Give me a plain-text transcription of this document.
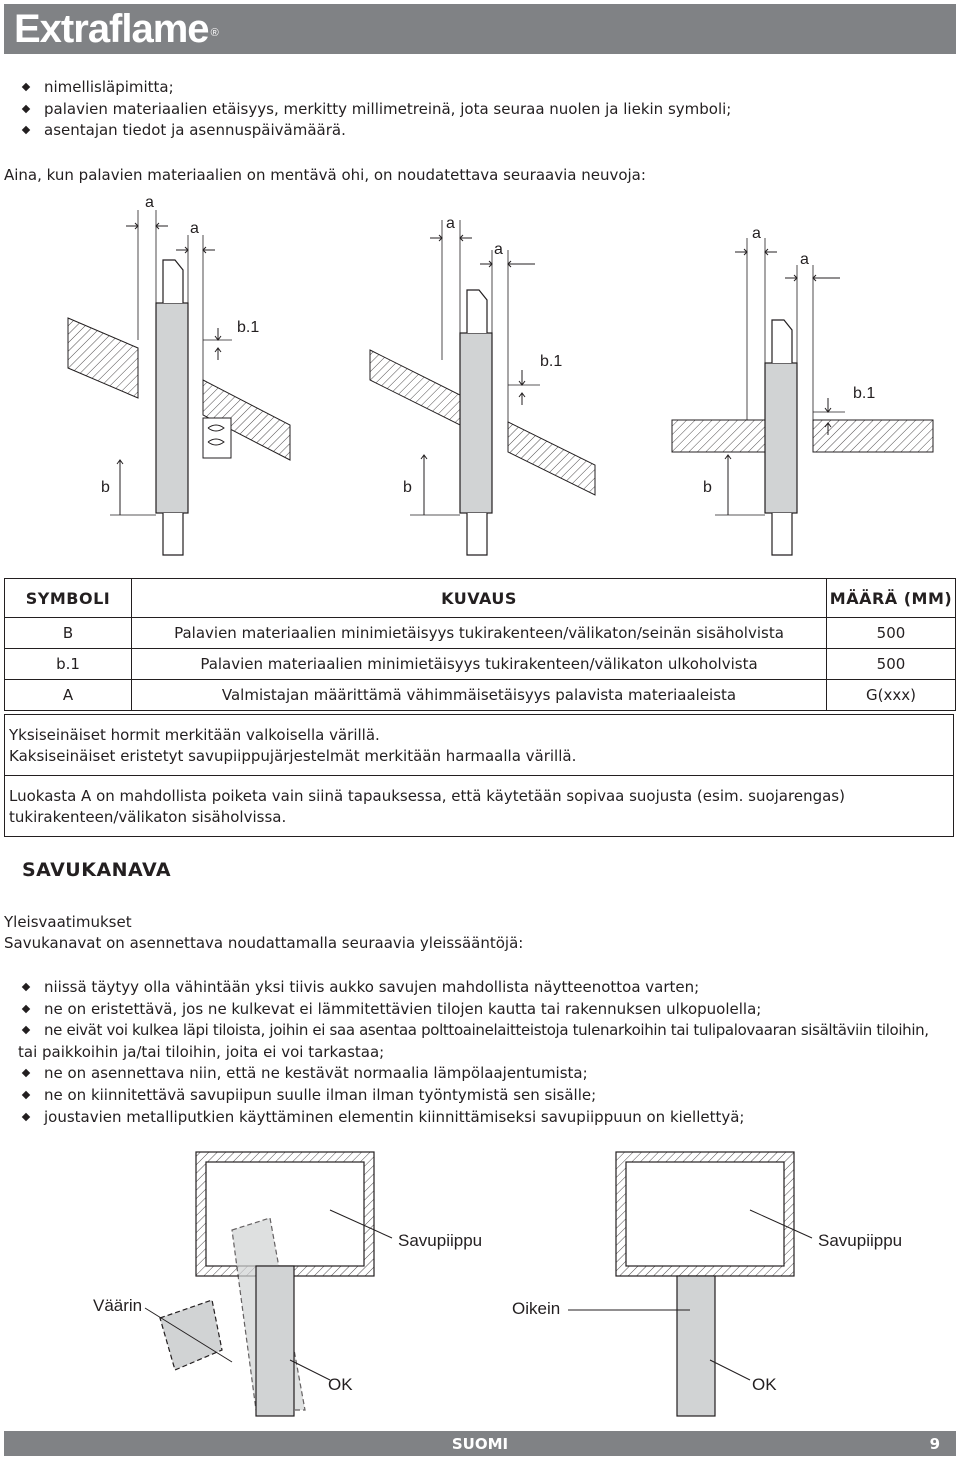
Extraflame ®
nimellisläpimitta;
palavien materiaalien etäisyys, merkitty millimetreinä, jota seuraa nuolen ja liekin symboli;
asentajan tiedot ja asennuspäivämäärä.
Aina, kun palavien materiaalien on mentävä ohi, on noudatettava seuraavia neuvoja:
a
a
b.1
b
a
a
b.1
b
a
a
b.1
b
SYMBOLI	KUVAUS	MÄÄRÄ (MM)
B	Palavien materiaalien minimietäisyys tukirakenteen/välikaton/seinän sisäholvista	500
b.1	Palavien materiaalien minimietäisyys tukirakenteen/välikaton ulkoholvista	500
A	Valmistajan määrittämä vähimmäisetäisyys palavista materiaaleista	G(xxx)
Yksiseinäiset hormit merkitään valkoisella värillä.
Kaksiseinäiset eristetyt savupiippujärjestelmät merkitään harmaalla värillä.
Luokasta A on mahdollista poiketa vain siinä tapauksessa, että käytetään sopivaa suojusta (esim. suojarengas)
tukirakenteen/välikaton sisäholvissa.
SAVUKANAVA
Yleisvaatimukset
Savukanavat on asennettava noudattamalla seuraavia yleissääntöjä:
niissä täytyy olla vähintään yksi tiivis aukko savujen mahdollista näytteenottoa varten;
ne on eristettävä, jos ne kulkevat ei lämmitettävien tilojen kautta tai rakennuksen ulkopuolella;
ne eivät voi kulkea läpi tiloista, joihin ei saa asentaa polttoainelaitteistoja tulenarkoihin tai tulipalovaaran sisältäviin tiloihin,
tai paikkoihin ja/tai tiloihin, joita ei voi tarkastaa;
ne on asennettava niin, että ne kestävät normaalia lämpölaajentumista;
ne on kiinnitettävä savupiipun suulle ilman ilman työntymistä sen sisälle;
joustavien metalliputkien käyttäminen elementin kiinnittämiseksi savupiippuun on kiellettyä;
Savupiippu
Väärin
OK
Savupiippu
Oikein
OK
SUOMI	9
